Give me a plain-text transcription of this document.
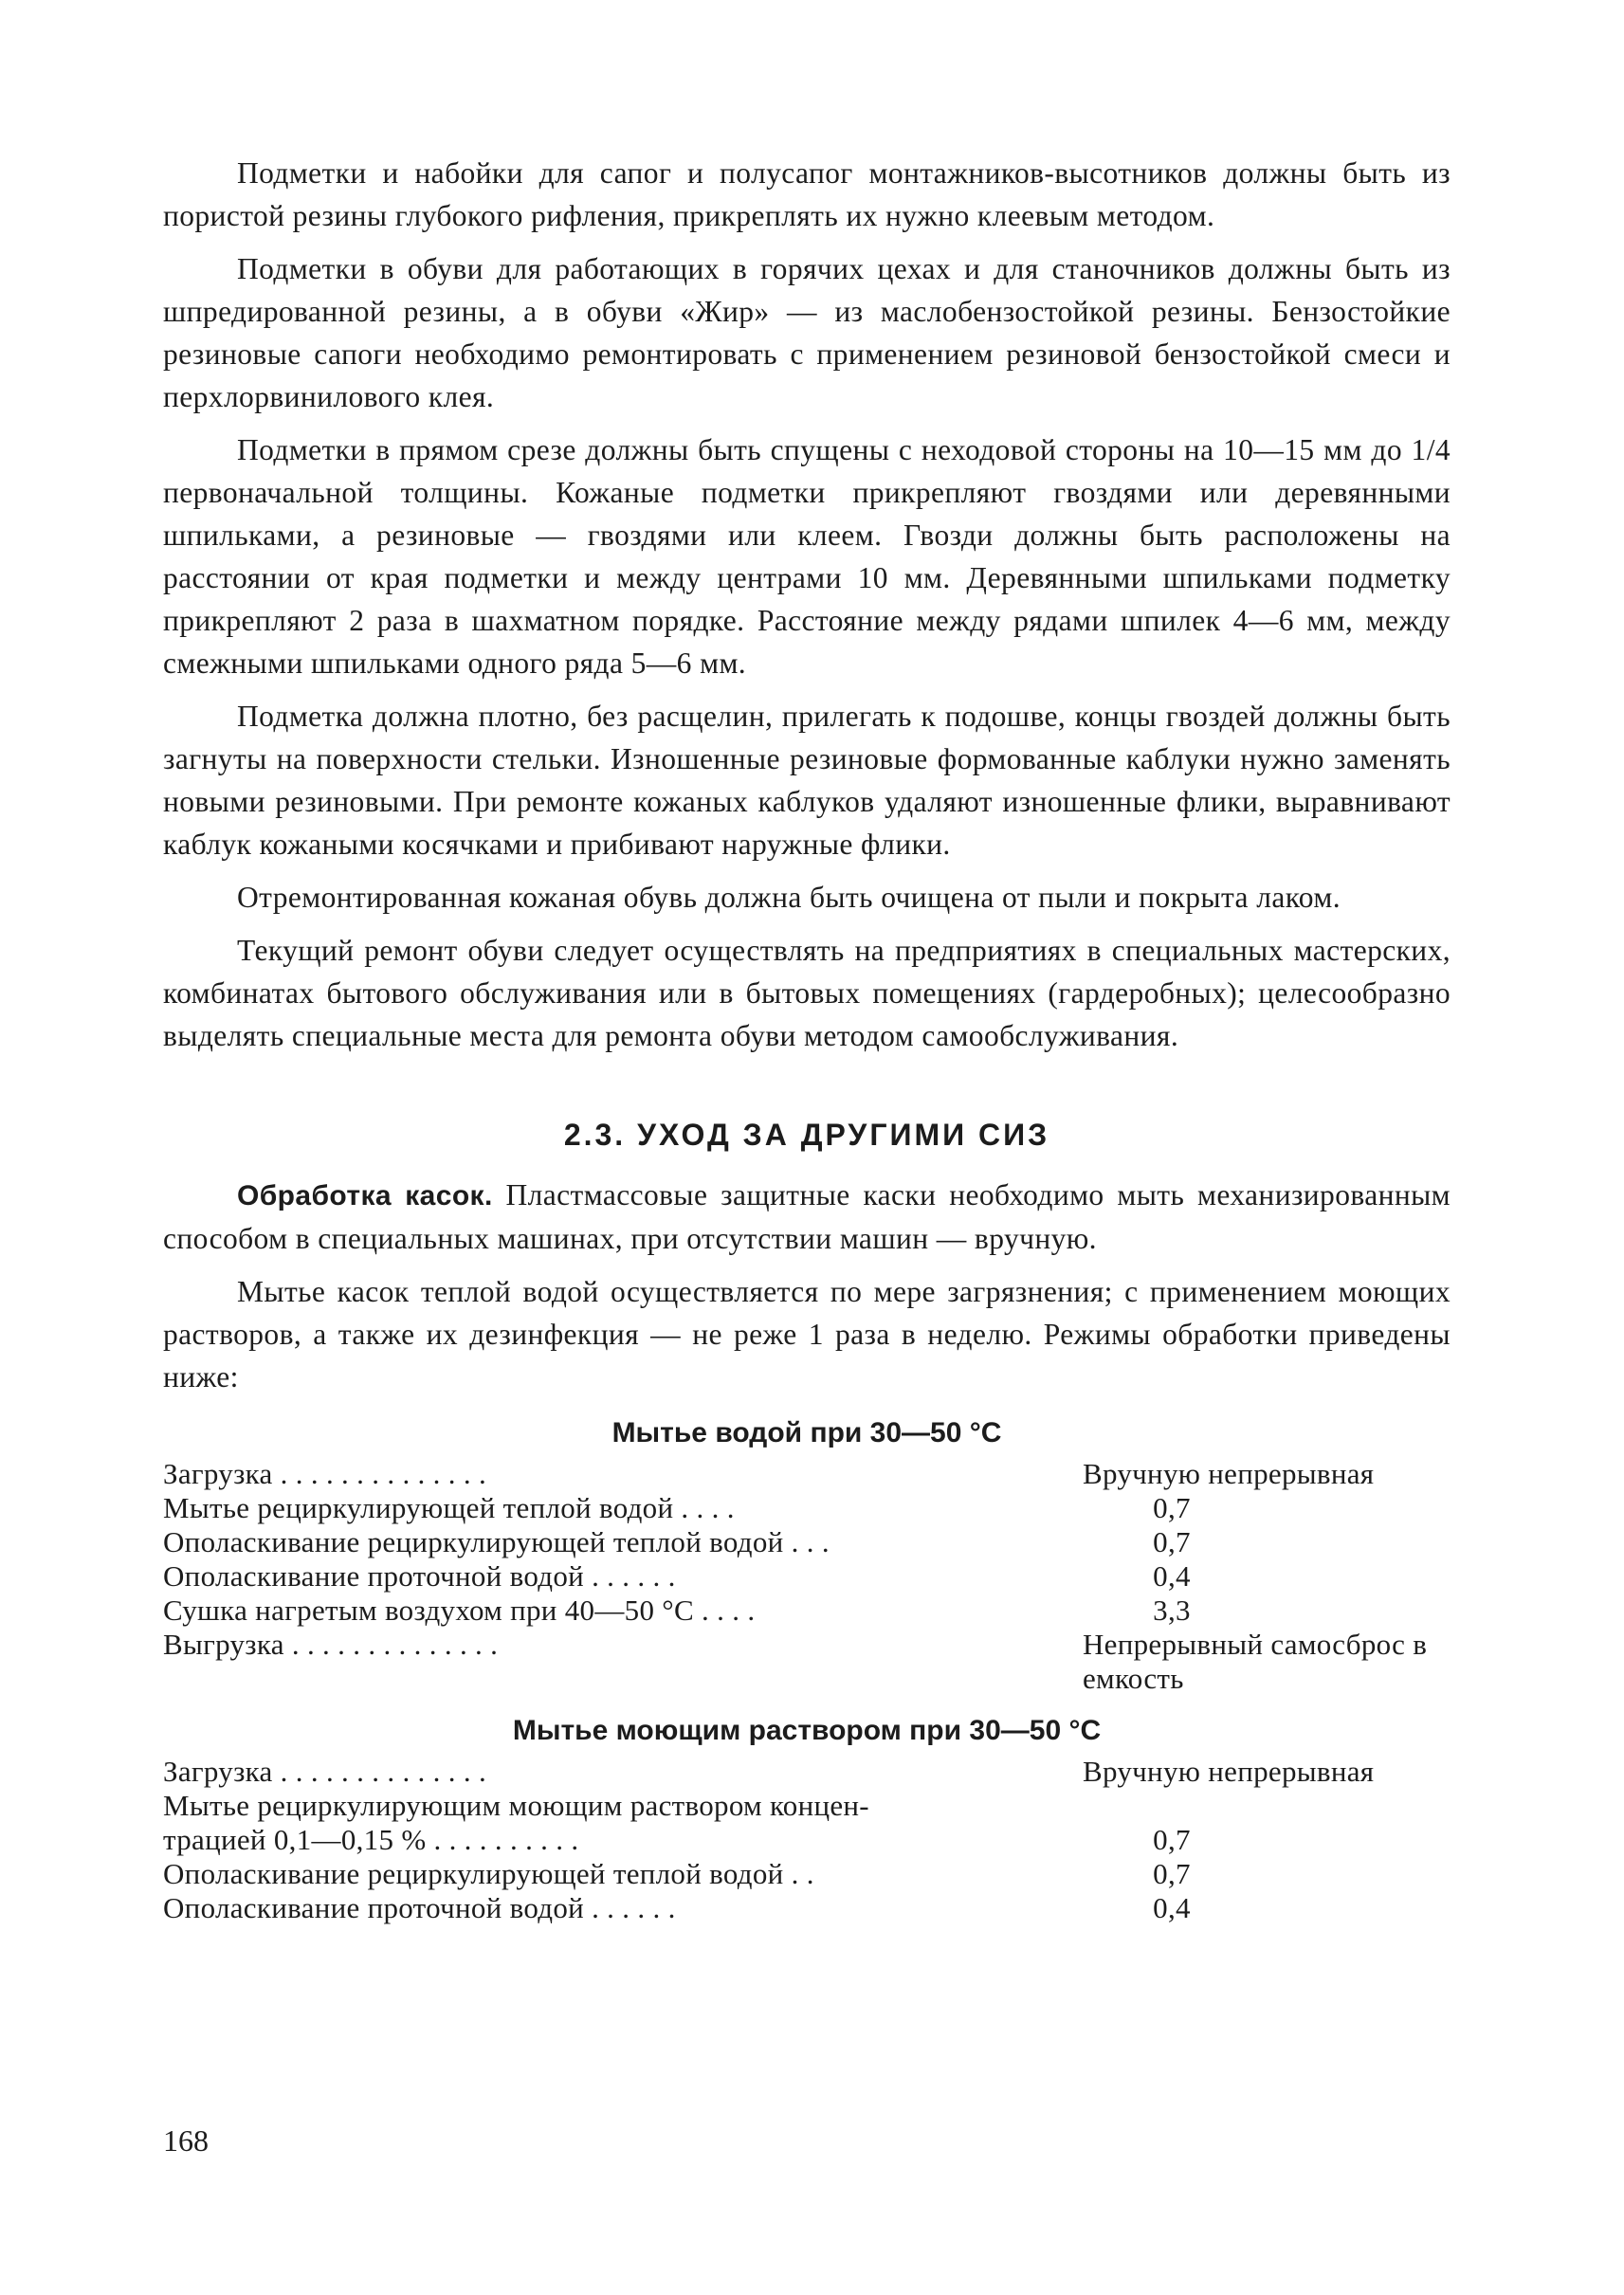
Подметки и набойки для сапог и полусапог монтажников-высотников должны быть из пористой резины глубокого рифления, прикреплять их нужно клеевым методом.

Подметки в обуви для работающих в горячих цехах и для станочников должны быть из шпредированной резины, а в обуви «Жир» — из маслобензостойкой резины. Бензостойкие резиновые сапоги необходимо ремонтировать с применением резиновой бензостойкой смеси и перхлорвинилового клея.

Подметки в прямом срезе должны быть спущены с неходовой стороны на 10—15 мм до 1/4 первоначальной толщины. Кожаные подметки прикрепляют гвоздями или деревянными шпильками, а резиновые — гвоздями или клеем. Гвозди должны быть расположены на расстоянии от края подметки и между центрами 10 мм. Деревянными шпильками подметку прикрепляют 2 раза в шахматном порядке. Расстояние между рядами шпилек 4—6 мм, между смежными шпильками одного ряда 5—6 мм.

Подметка должна плотно, без расщелин, прилегать к подошве, концы гвоздей должны быть загнуты на поверхности стельки. Изношенные резиновые формованные каблуки нужно заменять новыми резиновыми. При ремонте кожаных каблуков удаляют изношенные флики, выравнивают каблук кожаными косячками и прибивают наружные флики.

Отремонтированная кожаная обувь должна быть очищена от пыли и покрыта лаком.

Текущий ремонт обуви следует осуществлять на предприятиях в специальных мастерских, комбинатах бытового обслуживания или в бытовых помещениях (гардеробных); целесообразно выделять специальные места для ремонта обуви методом самообслуживания.

2.3. УХОД ЗА ДРУГИМИ СИЗ

Обработка касок. Пластмассовые защитные каски необходимо мыть механизированным способом в специальных машинах, при отсутствии машин — вручную.

Мытье касок теплой водой осуществляется по мере загрязнения; с применением моющих растворов, а также их дезинфекция — не реже 1 раза в неделю. Режимы обработки приведены ниже:

Мытье водой при 30—50 °С
Загрузка . . . . . . . . . . . . . .	Вручную непрерывная
Мытье рециркулирующей теплой водой . . . .	0,7
Ополаскивание рециркулирующей теплой водой . . .	0,7
Ополаскивание проточной водой . . . . . .	0,4
Сушка нагретым воздухом при 40—50 °С . . . .	3,3
Выгрузка . . . . . . . . . . . . . .	Непрерывный самосброс в емкость
Мытье моющим раствором при 30—50 °С
Загрузка . . . . . . . . . . . . . .	Вручную непрерывная
Мытье рециркулирующим моющим раствором концен-
трацией 0,1—0,15 % . . . . . . . . . .	0,7
Ополаскивание рециркулирующей теплой водой . .	0,7
Ополаскивание проточной водой . . . . . .	0,4
168
